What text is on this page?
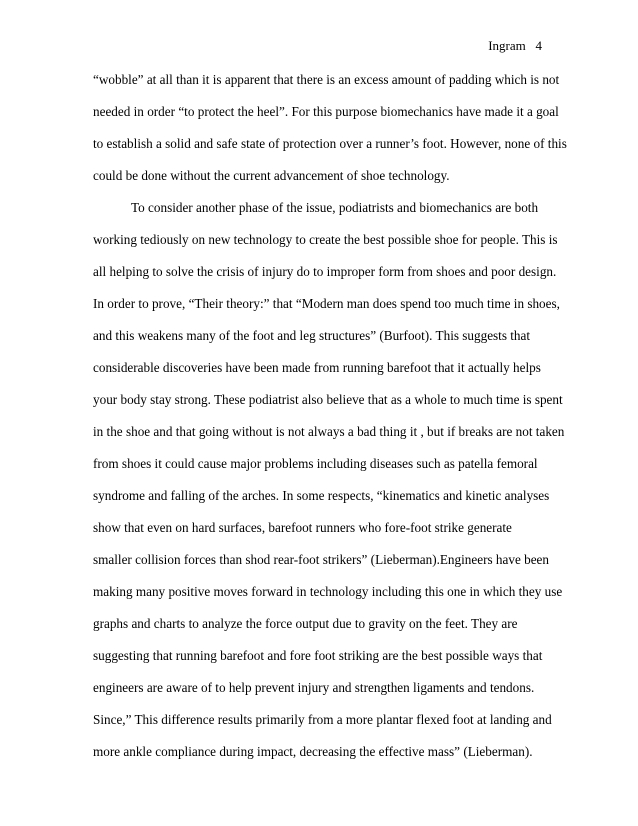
Ingram   4
“wobble” at all than it is apparent that there is an excess amount of padding which is not
needed in order “to protect the heel”. For this purpose biomechanics have made it a goal
to establish a solid and safe state of protection over a runner’s foot. However, none of this
could be done without the current advancement of shoe technology.
To consider another phase of the issue, podiatrists and biomechanics are both
working tediously on new technology to create the best possible shoe for people. This is
all helping to solve the crisis of injury do to improper form from shoes and poor design.
In order to prove, “Their theory:” that “Modern man does spend too much time in shoes,
and this weakens many of the foot and leg structures” (Burfoot). This suggests that
considerable discoveries have been made from running barefoot that it actually helps
your body stay strong. These podiatrist also believe that as a whole to much time is spent
in the shoe and that going without is not always a bad thing it , but if breaks are not taken
from shoes it could cause major problems including diseases such as patella femoral
syndrome and falling of the arches. In some respects, “kinematics and kinetic analyses
show that even on hard surfaces, barefoot runners who fore-foot strike generate
smaller collision forces than shod rear-foot strikers” (Lieberman).Engineers have been
making many positive moves forward in technology including this one in which they use
graphs and charts to analyze the force output due to gravity on the feet. They are
suggesting that running barefoot and fore foot striking are the best possible ways that
engineers are aware of to help prevent injury and strengthen ligaments and tendons.
Since,” This difference results primarily from a more plantar flexed foot at landing and
more ankle compliance during impact, decreasing the effective mass” (Lieberman).
